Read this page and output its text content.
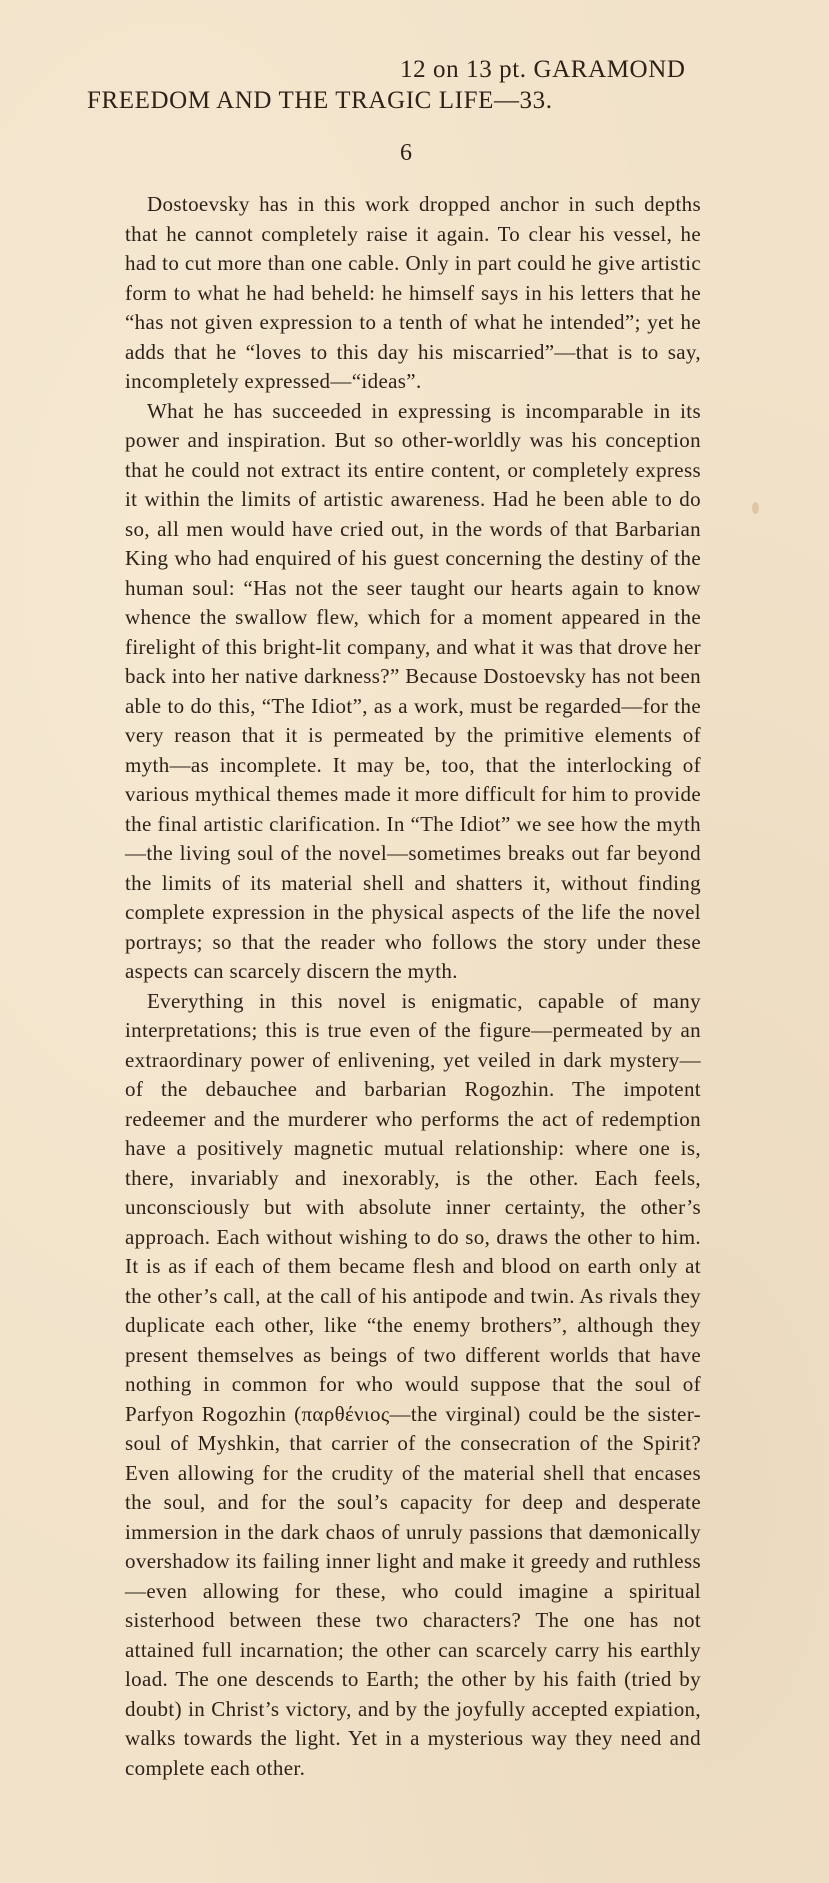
12 on 13 pt. GARAMOND
FREEDOM AND THE TRAGIC LIFE—33.
6

Dostoevsky has in this work dropped anchor in such depths that he cannot completely raise it again. To clear his vessel, he had to cut more than one cable. Only in part could he give artistic form to what he had beheld: he himself says in his letters that he “has not given expression to a tenth of what he intended”; yet he adds that he “loves to this day his miscarried”—that is to say, incompletely expressed—“ideas”.

What he has succeeded in expressing is incomparable in its power and inspiration. But so other-worldly was his conception that he could not extract its entire content, or completely express it within the limits of artistic awareness. Had he been able to do so, all men would have cried out, in the words of that Barbarian King who had enquired of his guest concerning the destiny of the human soul: “Has not the seer taught our hearts again to know whence the swallow flew, which for a moment appeared in the firelight of this bright-lit company, and what it was that drove her back into her native darkness?” Because Dostoevsky has not been able to do this, “The Idiot”, as a work, must be regarded—for the very reason that it is permeated by the primitive elements of myth—as incomplete. It may be, too, that the interlocking of various mythical themes made it more difficult for him to provide the final artistic clarification. In “The Idiot” we see how the myth—the living soul of the novel—sometimes breaks out far beyond the limits of its material shell and shatters it, without finding complete expression in the physical aspects of the life the novel portrays; so that the reader who follows the story under these aspects can scarcely discern the myth.

Everything in this novel is enigmatic, capable of many interpretations; this is true even of the figure—permeated by an extraordinary power of enlivening, yet veiled in dark mystery—of the debauchee and barbarian Rogozhin. The impotent redeemer and the murderer who performs the act of redemption have a positively magnetic mutual relationship: where one is, there, invariably and inexorably, is the other. Each feels, unconsciously but with absolute inner certainty, the other’s approach. Each without wishing to do so, draws the other to him. It is as if each of them became flesh and blood on earth only at the other’s call, at the call of his antipode and twin. As rivals they duplicate each other, like “the enemy brothers”, although they present themselves as beings of two different worlds that have nothing in common for who would suppose that the soul of Parfyon Rogozhin (παρθένιος—the virginal) could be the sister-soul of Myshkin, that carrier of the consecration of the Spirit? Even allowing for the crudity of the material shell that encases the soul, and for the soul’s capacity for deep and desperate immersion in the dark chaos of unruly passions that dæmonically overshadow its failing inner light and make it greedy and ruthless—even allowing for these, who could imagine a spiritual sisterhood between these two characters? The one has not attained full incarnation; the other can scarcely carry his earthly load. The one descends to Earth; the other by his faith (tried by doubt) in Christ’s victory, and by the joyfully accepted expiation, walks towards the light. Yet in a mysterious way they need and complete each other.
